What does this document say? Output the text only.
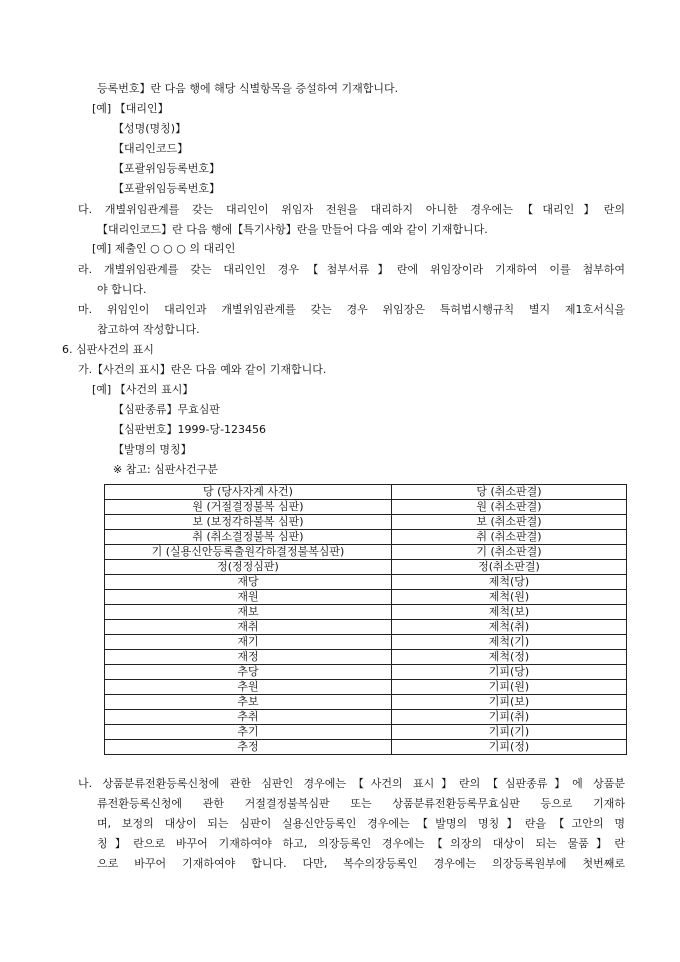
등록번호】란 다음 행에 해당 식별항목을 증설하여 기재합니다.
[예] 【대리인】
【성명(명칭)】
【대리인코드】
【포괄위임등록번호】
【포괄위임등록번호】
다. 개별위임관계를 갖는 대리인이 위임자 전원을 대리하지 아니한 경우에는【대리인】란의
【대리인코드】란 다음 행에【특기사항】란을 만들어 다음 예와 같이 기재합니다.
[예] 제출인 ○ ○ ○ 의 대리인
라. 개별위임관계를 갖는 대리인인 경우【첨부서류】란에 위임장이라 기재하여 이를 첨부하여
야 합니다.
마. 위임인이 대리인과 개별위임관계를 갖는 경우 위임장은 특허법시행규칙 별지 제1호서식을
참고하여 작성합니다.
6. 심판사건의 표시
가.【사건의 표시】란은 다음 예와 같이 기재합니다.
[예] 【사건의 표시】
【심판종류】무효심판
【심판번호】1999-당-123456
【발명의 명칭】
※ 참고: 심판사건구분
당 (당사자계 사건)	당 (취소판결)
원 (거절결정불복 심판)	원 (취소판결)
보 (보정각하불복 심판)	보 (취소판결)
취 (취소결정불복 심판)	취 (취소판결)
기 (실용신안등록출원각하결정불복심판)	기 (취소판결)
정(정정심판)	정(취소판결)
재당	제척(당)
재원	제척(원)
재보	제척(보)
재취	제척(취)
재기	제척(기)
재정	제척(정)
추당	기피(당)
추원	기피(원)
추보	기피(보)
추취	기피(취)
추기	기피(기)
추정	기피(정)
나. 상품분류전환등록신청에 관한 심판인 경우에는【사건의 표시】란의【심판종류】에 상품분
류전환등록신청에 관한 거절결정불복심판 또는 상품분류전환등록무효심판 등으로 기재하
며, 보정의 대상이 되는 심판이 실용신안등록인 경우에는【발명의 명칭】란을【고안의 명
칭】란으로 바꾸어 기재하여야 하고, 의장등록인 경우에는【의장의 대상이 되는 물품】란
으로 바꾸어 기재하여야 합니다. 다만, 복수의장등록인 경우에는 의장등록원부에 첫번째로
